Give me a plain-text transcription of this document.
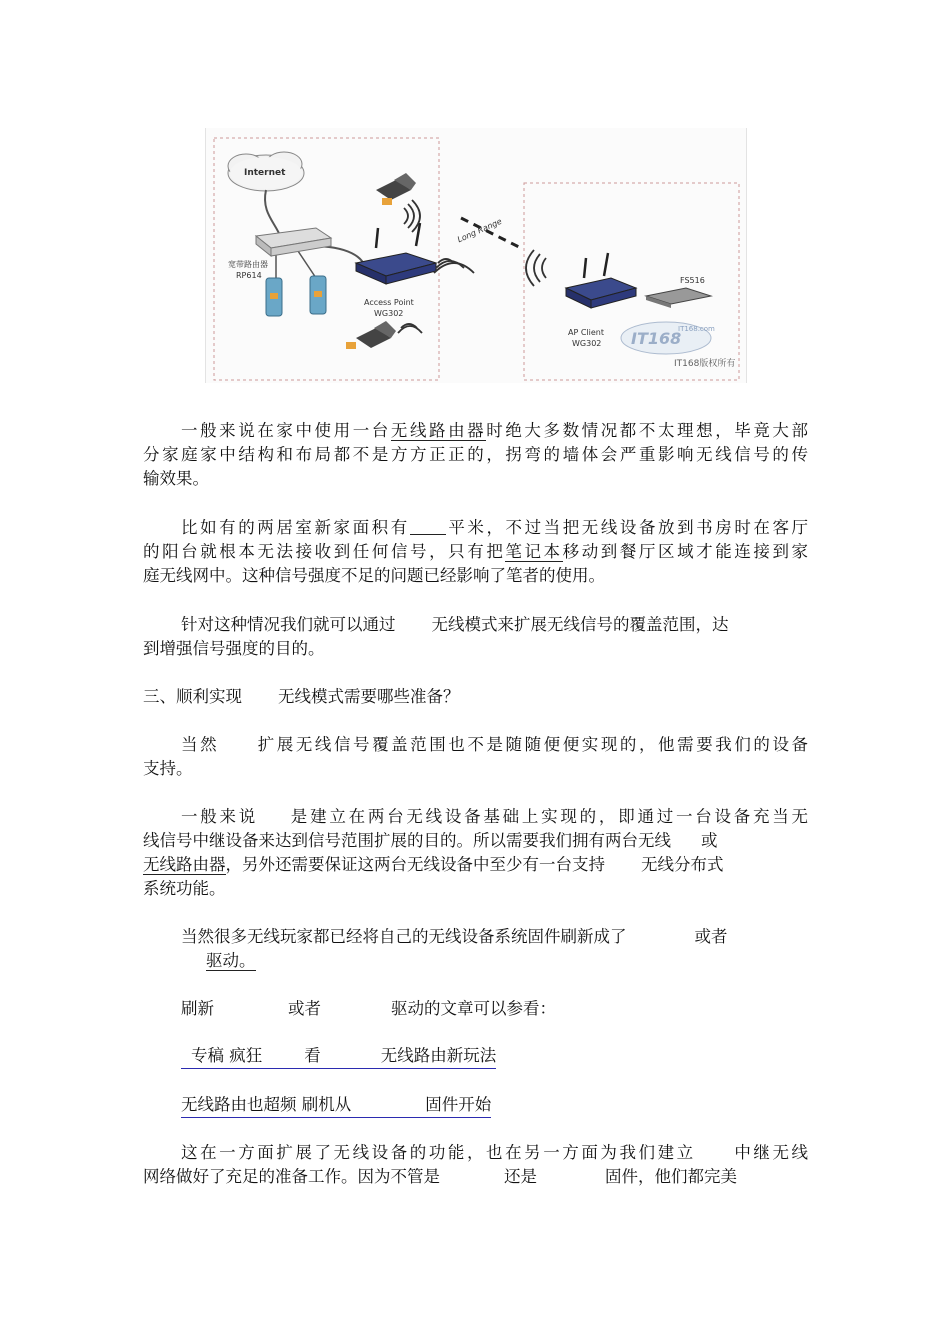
IT168
IT168版权所有
Internet
宽带路由器
RP614
Access Point
WG302
Long Range
AP Client
WG302
FS516
IT168.com
一般来说在家中使用一台无线路由器时绝大多数情况都不太理想，毕竟大部
分家庭家中结构和布局都不是方方正正的，拐弯的墙体会严重影响无线信号的传
输效果。
比如有的两居室新家面积有 平米，不过当把无线设备放到书房时在客厅
的阳台就根本无法接收到任何信号，只有把笔记本移动到餐厅区域才能连接到家
庭无线网中。这种信号强度不足的问题已经影响了笔者的使用。
针对这种情况我们就可以通过 无线模式来扩展无线信号的覆盖范围，达
到增强信号强度的目的。
三、顺利实现 无线模式需要哪些准备？
当然 扩展无线信号覆盖范围也不是随随便便实现的，他需要我们的设备
支持。
一般来说 是建立在两台无线设备基础上实现的，即通过一台设备充当无
线信号中继设备来达到信号范围扩展的目的。所以需要我们拥有两台无线 或
无线路由器，另外还需要保证这两台无线设备中至少有一台支持 无线分布式
系统功能。
当然很多无线玩家都已经将自己的无线设备系统固件刷新成了	或者
驱动。
刷新	或者	驱动的文章可以参看：
专稿 疯狂	看	无线路由新玩法
无线路由也超频 刷机从	固件开始
这在一方面扩展了无线设备的功能，也在另一方面为我们建立 中继无线
网络做好了充足的准备工作。因为不管是	还是	固件，他们都完美
